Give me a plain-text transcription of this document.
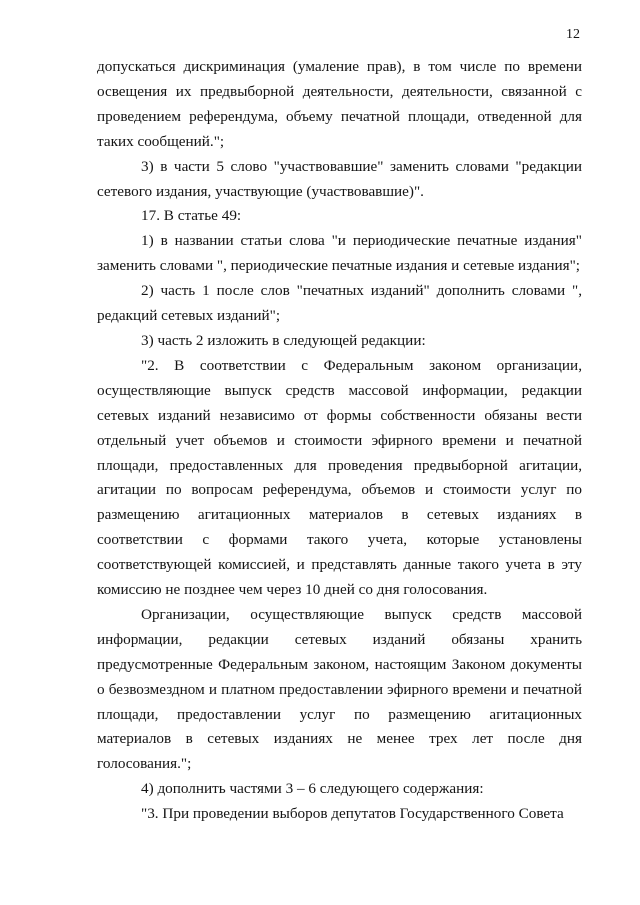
12

допускаться дискриминация (умаление прав), в том числе по времени освещения их предвыборной деятельности, деятельности, связанной с проведением референдума, объему печатной площади, отведенной для таких сообщений.";

3) в части 5 слово "участвовавшие" заменить словами "редакции сетевого издания, участвующие (участвовавшие)".

17. В статье 49:

1) в названии статьи слова "и периодические печатные издания" заменить словами ", периодические печатные издания и сетевые издания";

2) часть 1 после слов "печатных изданий" дополнить словами ", редакций сетевых изданий";

3) часть 2 изложить в следующей редакции:

"2. В соответствии с Федеральным законом организации, осуществляющие выпуск средств массовой информации, редакции сетевых изданий независимо от формы собственности обязаны вести отдельный учет объемов и стоимости эфирного времени и печатной площади, предоставленных для проведения предвыборной агитации, агитации по вопросам референдума, объемов и стоимости услуг по размещению агитационных материалов в сетевых изданиях в соответствии с формами такого учета, которые установлены соответствующей комиссией, и представлять данные такого учета в эту комиссию не позднее чем через 10 дней со дня голосования.

Организации, осуществляющие выпуск средств массовой информации, редакции сетевых изданий обязаны хранить предусмотренные Федеральным законом, настоящим Законом документы о безвозмездном и платном предоставлении эфирного времени и печатной площади, предоставлении услуг по размещению агитационных материалов в сетевых изданиях не менее трех лет после дня голосования.";

4) дополнить частями 3 – 6 следующего содержания:

"3. При проведении выборов депутатов Государственного Совета
